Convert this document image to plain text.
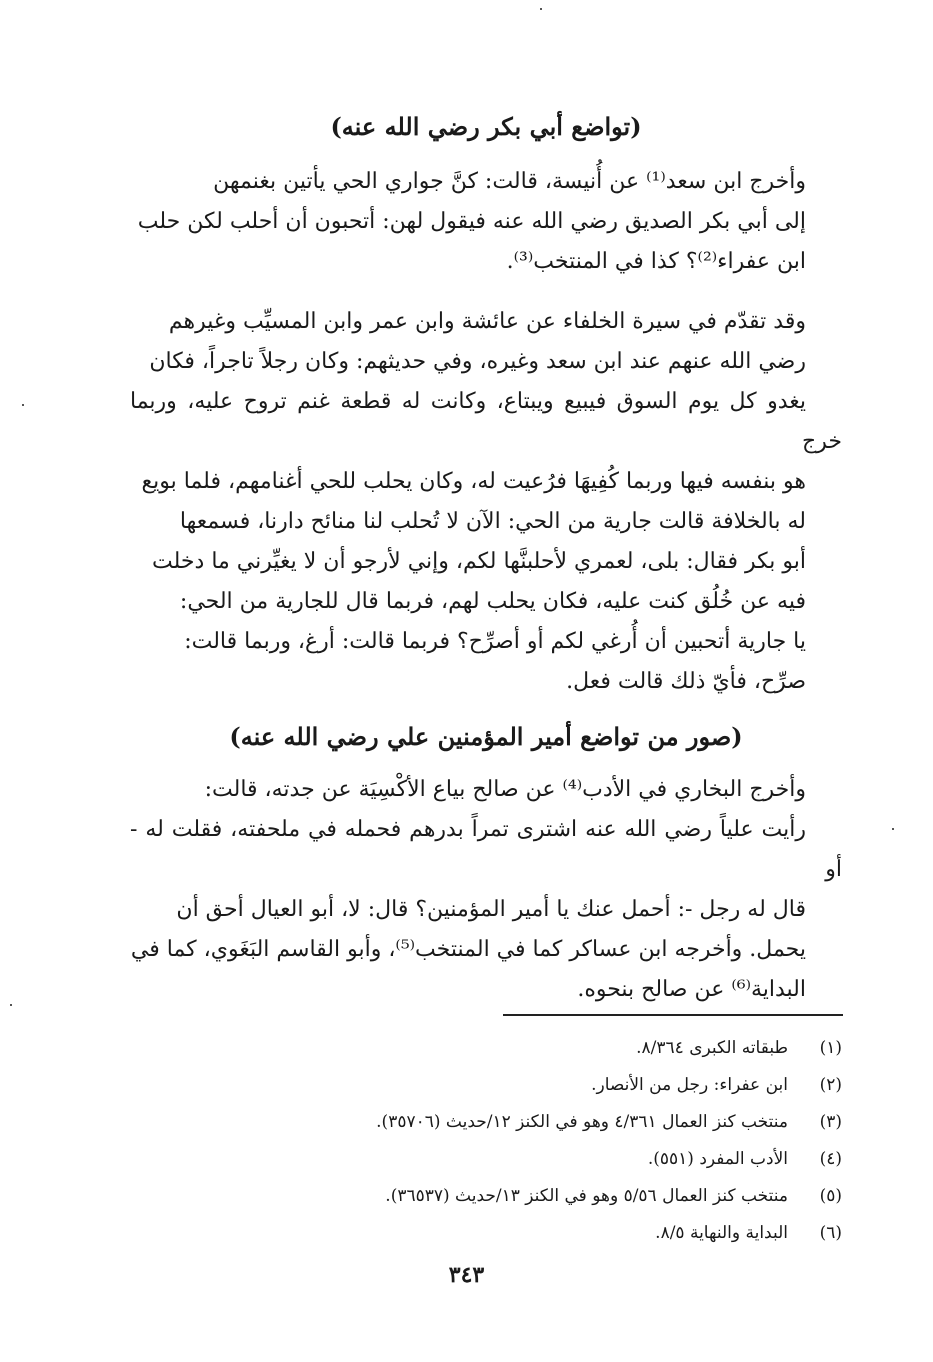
(تواضع أبي بكر رضي الله عنه)

وأخرج ابن سعد⁽¹⁾ عن أُنيسة، قالت: كنَّ جواري الحي يأتين بغنمهن
إلى أبي بكر الصديق رضي الله عنه فيقول لهن: أتحبون أن أحلب لكن حلب
ابن عفراء⁽²⁾؟ كذا في المنتخب⁽³⁾.

وقد تقدّم في سيرة الخلفاء عن عائشة وابن عمر وابن المسيِّب وغيرهم
رضي الله عنهم عند ابن سعد وغيره، وفي حديثهم: وكان رجلاً تاجراً، فكان
يغدو كل يوم السوق فيبيع ويبتاع، وكانت له قطعة غنم تروح عليه، وربما خرج
هو بنفسه فيها وربما كُفِيهَا فرُعيت له، وكان يحلب للحي أغنامهم، فلما بويع
له بالخلافة قالت جارية من الحي: الآن لا تُحلب لنا منائح دارنا، فسمعها
أبو بكر فقال: بلى، لعمري لأحلبنَّها لكم، وإني لأرجو أن لا يغيِّرني ما دخلت
فيه عن خُلُق كنت عليه، فكان يحلب لهم، فربما قال للجارية من الحي:
يا جارية أتحبين أن أُرغي لكم أو أصرِّح؟ فربما قالت: أرغ، وربما قالت:
صرِّح، فأيّ ذلك قالت فعل.

(صور من تواضع أمير المؤمنين علي رضي الله عنه)

وأخرج البخاري في الأدب⁽⁴⁾ عن صالح بياع الأكْسِيَة عن جدته، قالت:
رأيت علياً رضي الله عنه اشترى تمراً بدرهم فحمله في ملحفته، فقلت له - أو
قال له رجل -: أحمل عنك يا أمير المؤمنين؟ قال: لا، أبو العيال أحق أن
يحمل. وأخرجه ابن عساكر كما في المنتخب⁽⁵⁾، وأبو القاسم البَغَوي، كما في
البداية⁽⁶⁾ عن صالح بنحوه.

(١)
طبقاته الكبرى ٨/٣٦٤.
(٢)
ابن عفراء: رجل من الأنصار.
(٣)
منتخب كنز العمال ٤/٣٦١ وهو في الكنز ١٢/حديث (٣٥٧٠٦).
(٤)
الأدب المفرد (٥٥١).
(٥)
منتخب كنز العمال ٥/٥٦ وهو في الكنز ١٣/حديث (٣٦٥٣٧).
(٦)
البداية والنهاية ٨/٥.
٣٤٣
